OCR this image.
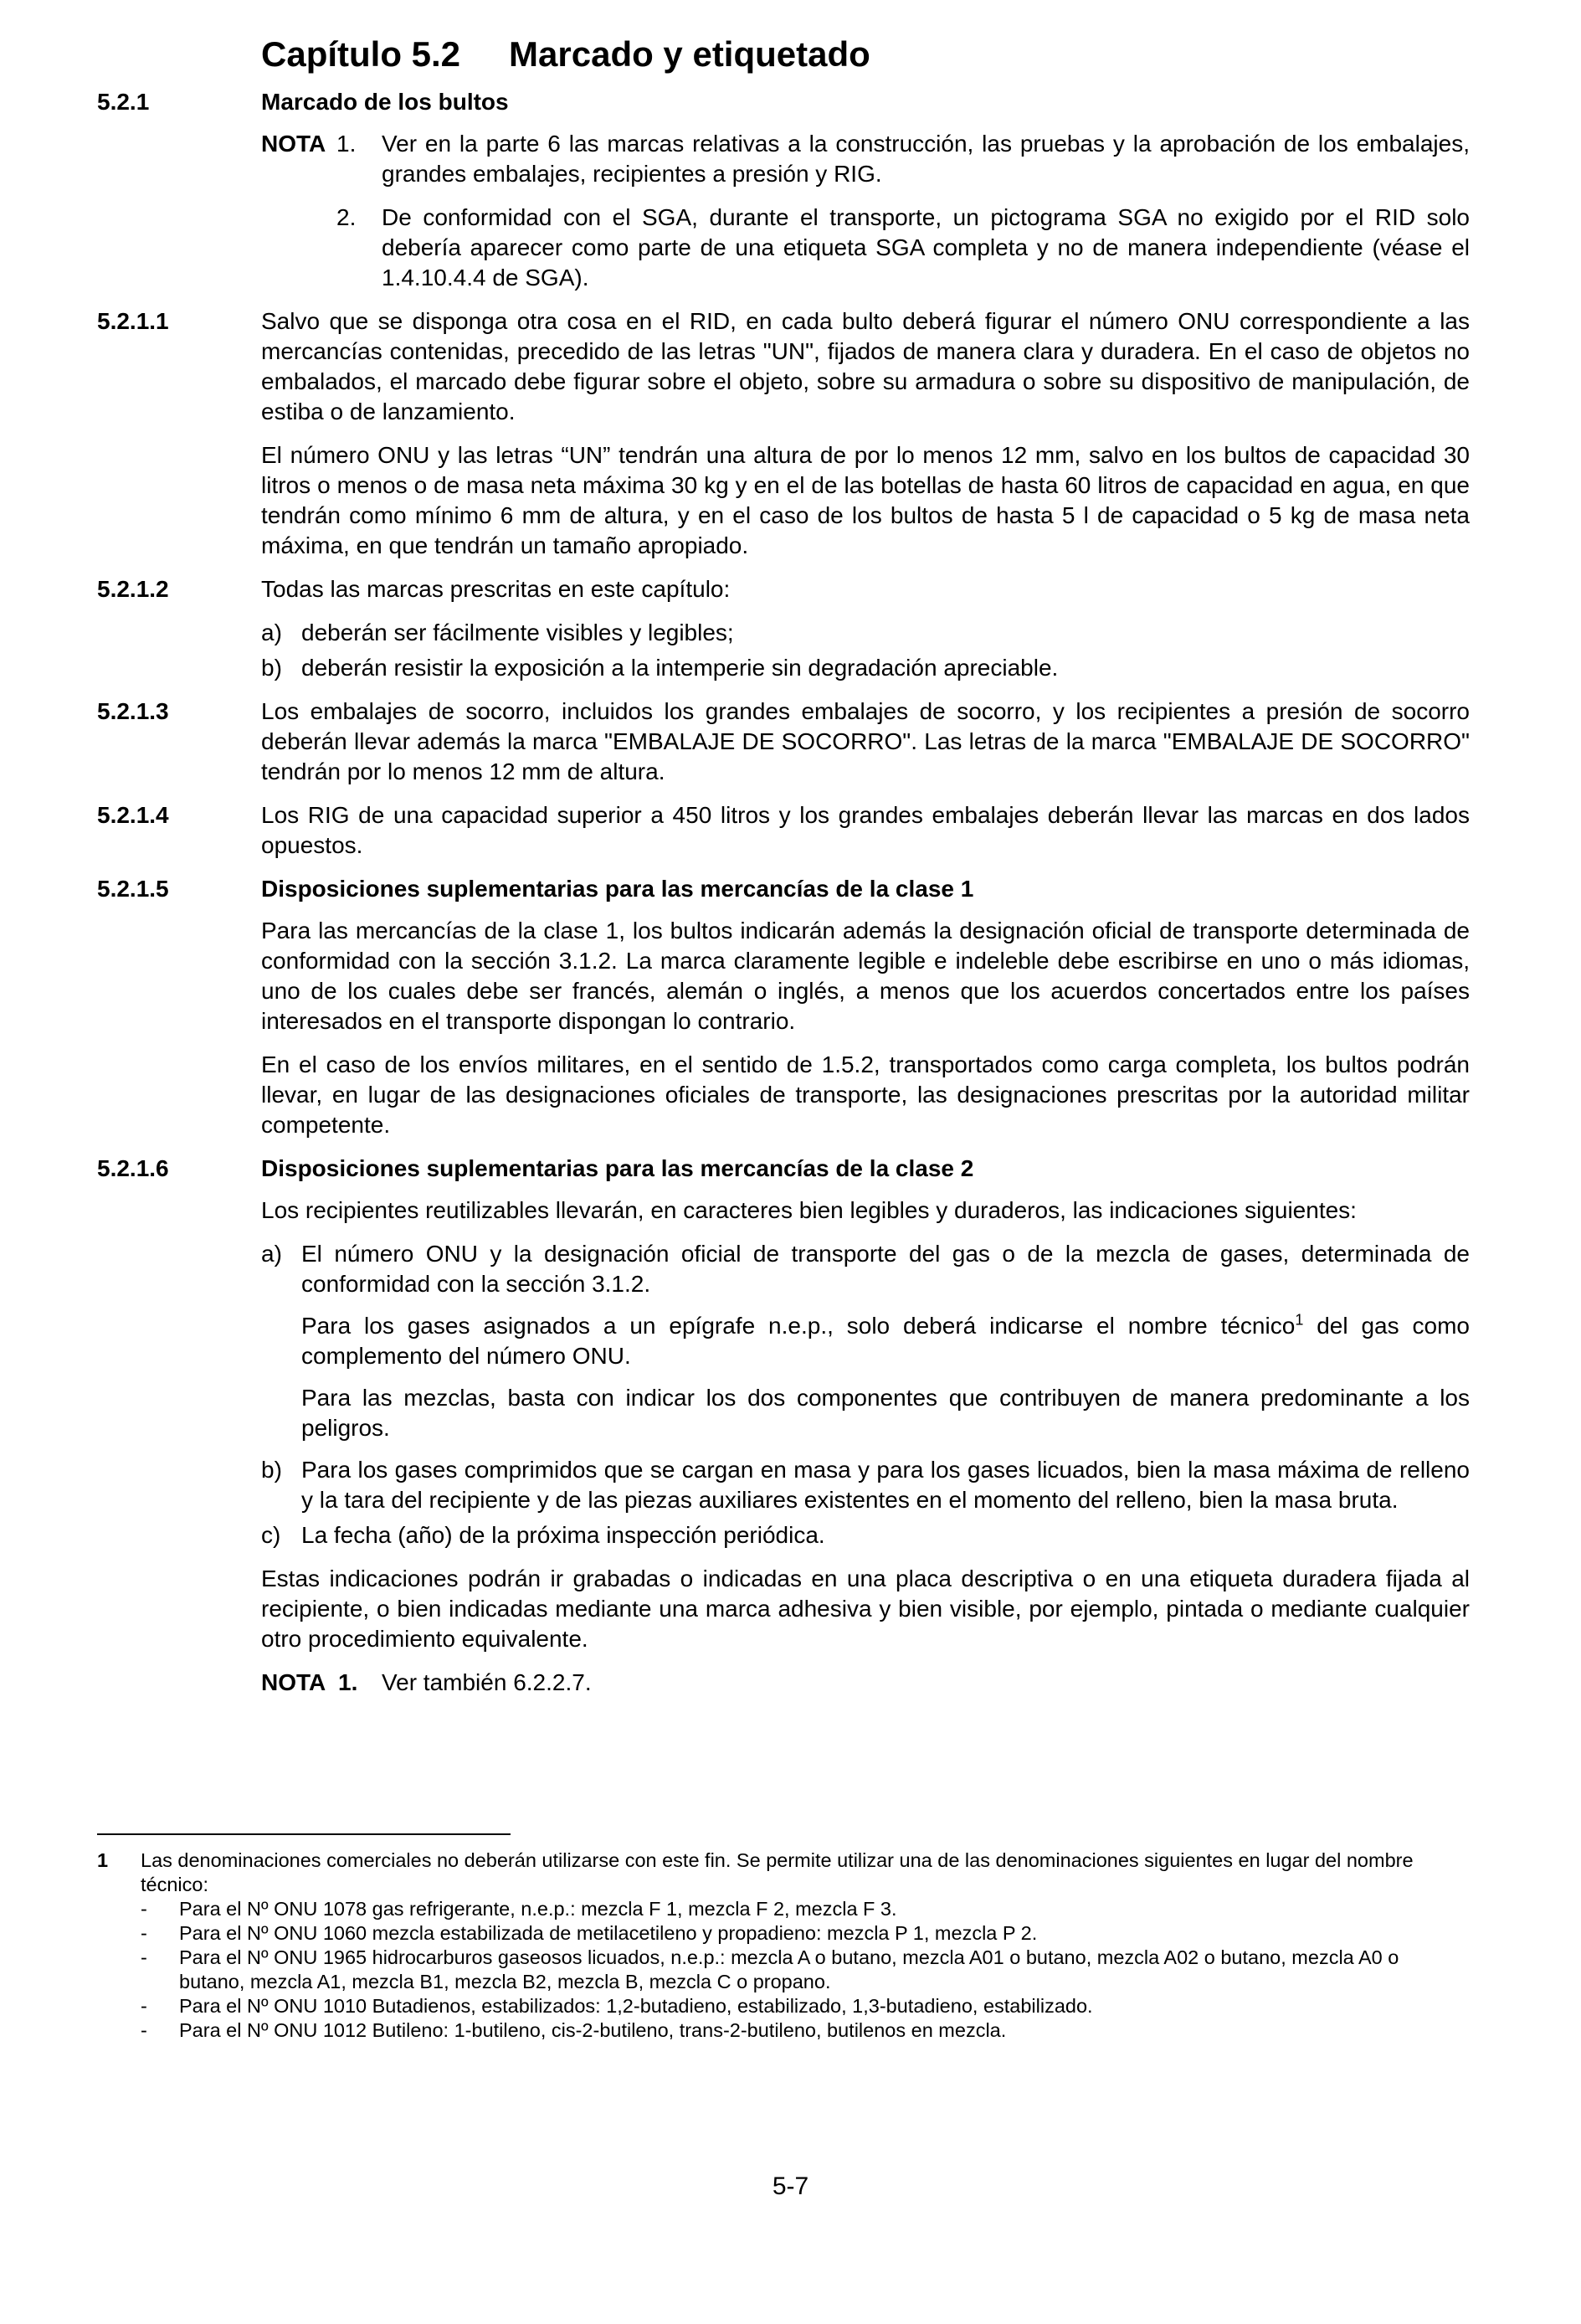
Capítulo 5.2 Marcado y etiquetado
5.2.1	Marcado de los bultos
NOTA 1. Ver en la parte 6 las marcas relativas a la construcción, las pruebas y la aprobación de los embalajes, grandes embalajes, recipientes a presión y RIG.
2. De conformidad con el SGA, durante el transporte, un pictograma SGA no exigido por el RID solo debería aparecer como parte de una etiqueta SGA completa y no de manera independiente (véase el 1.4.10.4.4 de SGA).
5.2.1.1	Salvo que se disponga otra cosa en el RID, en cada bulto deberá figurar el número ONU correspondiente a las mercancías contenidas, precedido de las letras "UN", fijados de manera clara y duradera. En el caso de objetos no embalados, el marcado debe figurar sobre el objeto, sobre su armadura o sobre su dispositivo de manipulación, de estiba o de lanzamiento.
El número ONU y las letras “UN” tendrán una altura de por lo menos 12 mm, salvo en los bultos de capacidad 30 litros o menos o de masa neta máxima 30 kg y en el de las botellas de hasta 60 litros de capacidad en agua, en que tendrán como mínimo 6 mm de altura, y en el caso de los bultos de hasta 5 l de capacidad o 5 kg de masa neta máxima, en que tendrán un tamaño apropiado.
5.2.1.2	Todas las marcas prescritas en este capítulo:
a) deberán ser fácilmente visibles y legibles;
b) deberán resistir la exposición a la intemperie sin degradación apreciable.
5.2.1.3	Los embalajes de socorro, incluidos los grandes embalajes de socorro, y los recipientes a presión de socorro deberán llevar además la marca "EMBALAJE DE SOCORRO". Las letras de la marca "EMBALAJE DE SOCORRO" tendrán por lo menos 12 mm de altura.
5.2.1.4	Los RIG de una capacidad superior a 450 litros y los grandes embalajes deberán llevar las marcas en dos lados opuestos.
5.2.1.5	Disposiciones suplementarias para las mercancías de la clase 1
Para las mercancías de la clase 1, los bultos indicarán además la designación oficial de transporte determinada de conformidad con la sección 3.1.2. La marca claramente legible e indeleble debe escribirse en uno o más idiomas, uno de los cuales debe ser francés, alemán o inglés, a menos que los acuerdos concertados entre los países interesados en el transporte dispongan lo contrario.
En el caso de los envíos militares, en el sentido de 1.5.2, transportados como carga completa, los bultos podrán llevar, en lugar de las designaciones oficiales de transporte, las designaciones prescritas por la autoridad militar competente.
5.2.1.6	Disposiciones suplementarias para las mercancías de la clase 2
Los recipientes reutilizables llevarán, en caracteres bien legibles y duraderos, las indicaciones siguientes:
a) El número ONU y la designación oficial de transporte del gas o de la mezcla de gases, determinada de conformidad con la sección 3.1.2.
Para los gases asignados a un epígrafe n.e.p., solo deberá indicarse el nombre técnico$^1$ del gas como complemento del número ONU.
Para las mezclas, basta con indicar los dos componentes que contribuyen de manera predominante a los peligros.
b) Para los gases comprimidos que se cargan en masa y para los gases licuados, bien la masa máxima de relleno y la tara del recipiente y de las piezas auxiliares existentes en el momento del relleno, bien la masa bruta.
c) La fecha (año) de la próxima inspección periódica.
Estas indicaciones podrán ir grabadas o indicadas en una placa descriptiva o en una etiqueta duradera fijada al recipiente, o bien indicadas mediante una marca adhesiva y bien visible, por ejemplo, pintada o mediante cualquier otro procedimiento equivalente.
NOTA 1. Ver también 6.2.2.7.
1 Las denominaciones comerciales no deberán utilizarse con este fin. Se permite utilizar una de las denominaciones siguientes en lugar del nombre técnico:
-	Para el Nº ONU 1078 gas refrigerante, n.e.p.: mezcla F 1, mezcla F 2, mezcla F 3.
-	Para el Nº ONU 1060 mezcla estabilizada de metilacetileno y propadieno: mezcla P 1, mezcla P 2.
-	Para el Nº ONU 1965 hidrocarburos gaseosos licuados, n.e.p.: mezcla A o butano, mezcla A01 o butano, mezcla A02 o butano, mezcla A0 o butano, mezcla A1, mezcla B1, mezcla B2, mezcla B, mezcla C o propano.
-	Para el Nº ONU 1010 Butadienos, estabilizados: 1,2-butadieno, estabilizado, 1,3-butadieno, estabilizado.
-	Para el Nº ONU 1012 Butileno: 1-butileno, cis-2-butileno, trans-2-butileno, butilenos en mezcla.
5-7
